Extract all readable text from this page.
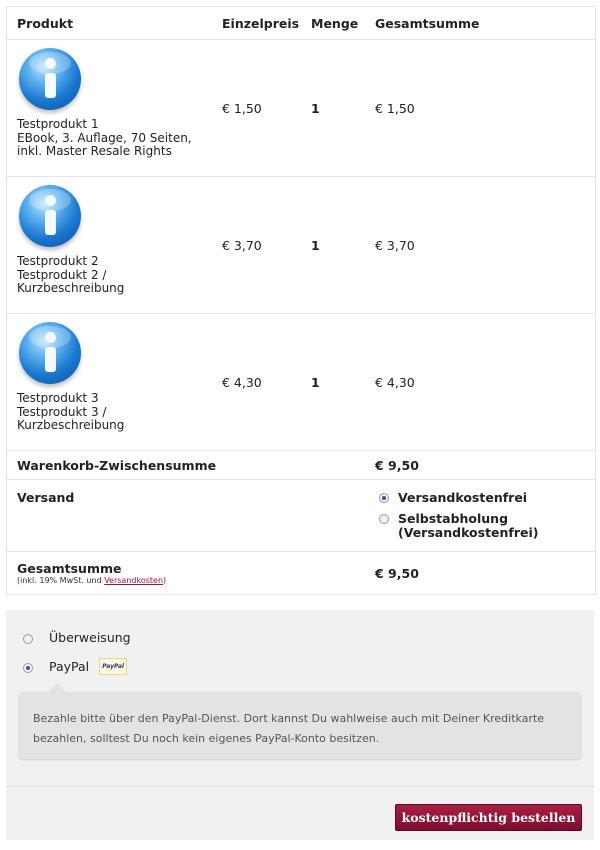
Produkt	Einzelpreis Menge	Gesamtsumme
Testprodukt 1
EBook, 3. Auflage, 70 Seiten,
inkl. Master Resale Rights
€ 1,50	1	€ 1,50
Testprodukt 2
Testprodukt 2 /
Kurzbeschreibung
€ 3,70	1	€ 3,70
Testprodukt 3
Testprodukt 3 /
Kurzbeschreibung
€ 4,30	1	€ 4,30
Warenkorb-Zwischensumme	€ 9,50
Versand	Versandkostenfrei
Selbstabholung
(Versandkostenfrei)
Gesamtsumme
(inkl. 19% MwSt. und Versandkosten)	€ 9,50
Überweisung
PayPal	PayPal
Bezahle bitte über den PayPal-Dienst. Dort kannst Du wahlweise auch mit Deiner Kreditkarte bezahlen, solltest Du noch kein eigenes PayPal-Konto besitzen.
kostenpflichtig bestellen
